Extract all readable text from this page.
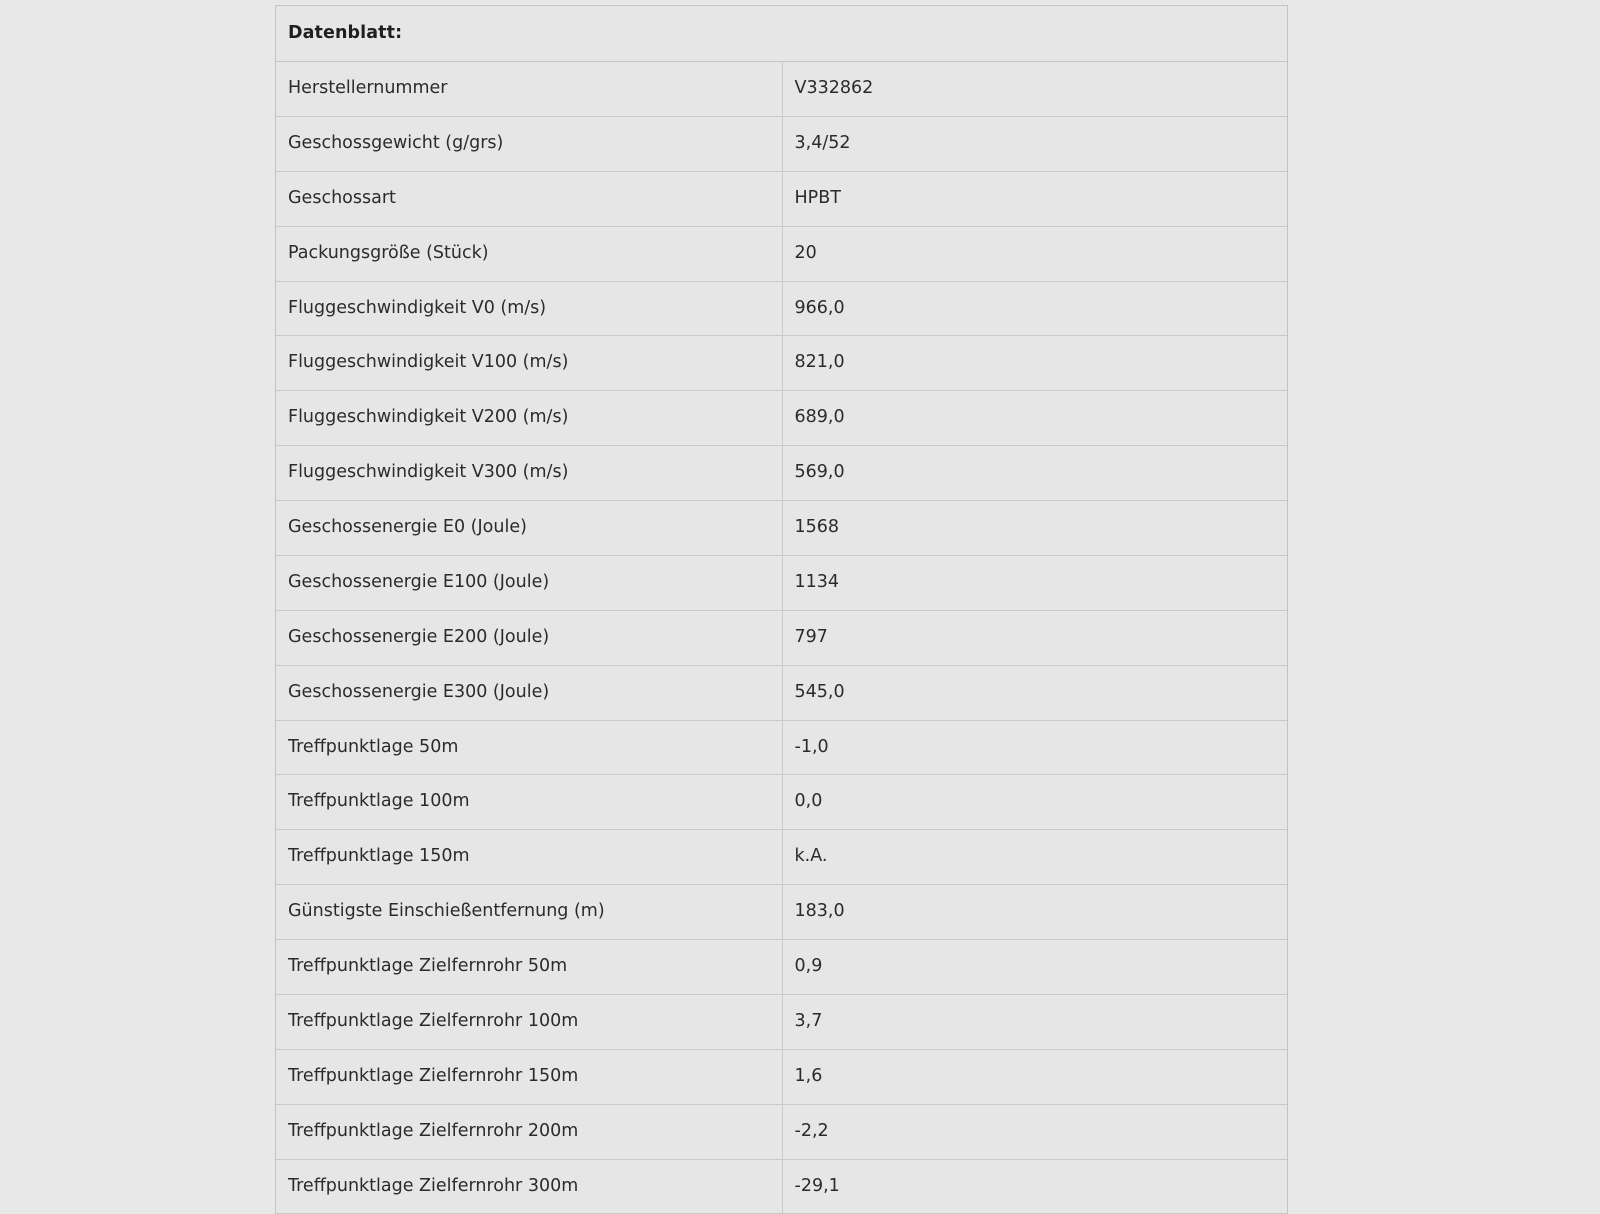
Datenblatt:	
Herstellernummer	V332862
Geschossgewicht (g/grs)	3,4/52
Geschossart	HPBT
Packungsgröße (Stück)	20
Fluggeschwindigkeit V0 (m/s)	966,0
Fluggeschwindigkeit V100 (m/s)	821,0
Fluggeschwindigkeit V200 (m/s)	689,0
Fluggeschwindigkeit V300 (m/s)	569,0
Geschossenergie E0 (Joule)	1568
Geschossenergie E100 (Joule)	1134
Geschossenergie E200 (Joule)	797
Geschossenergie E300 (Joule)	545,0
Treffpunktlage 50m	-1,0
Treffpunktlage 100m	0,0
Treffpunktlage 150m	k.A.
Günstigste Einschießentfernung (m)	183,0
Treffpunktlage Zielfernrohr 50m	0,9
Treffpunktlage Zielfernrohr 100m	3,7
Treffpunktlage Zielfernrohr 150m	1,6
Treffpunktlage Zielfernrohr 200m	-2,2
Treffpunktlage Zielfernrohr 300m	-29,1
